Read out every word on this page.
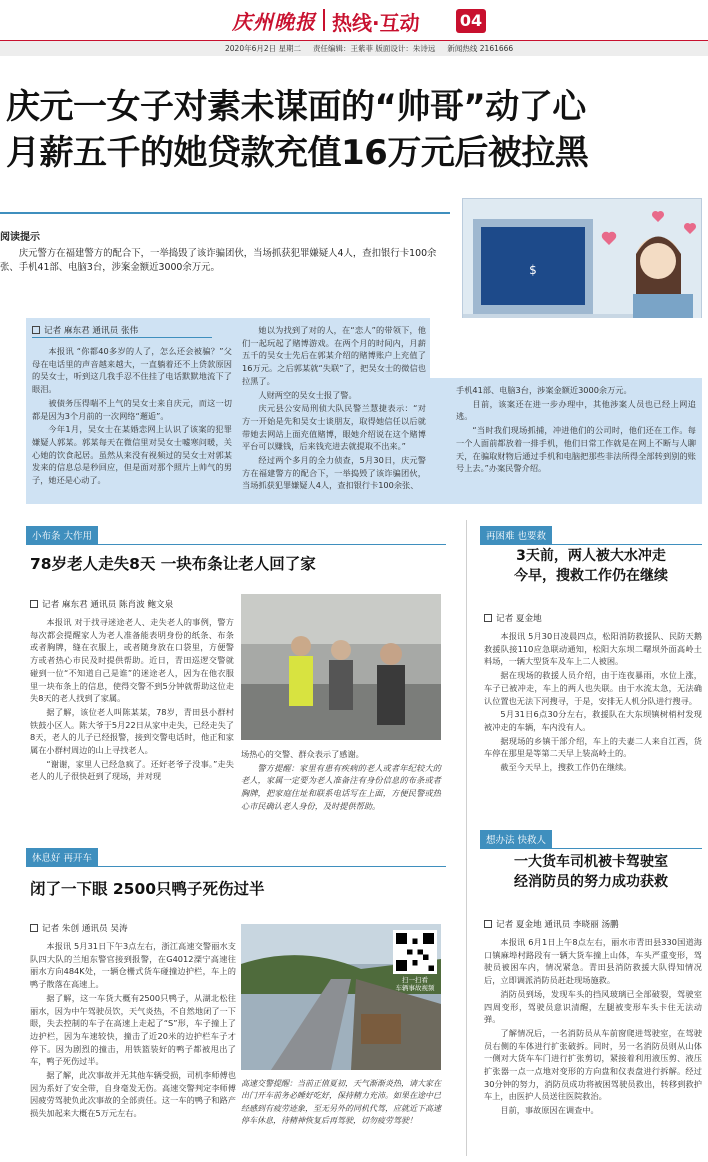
庆州晚报 热线·互动	04
2020年6月2日 星期二 责任编辑：王紫菲 版面设计：朱诗远 新闻热线 2161666
庆元一女子对素未谋面的“帅哥”动了心
月薪五千的她贷款充值16万元后被拉黑
阅读提示
庆元警方在福建警方的配合下，一举捣毁了该诈骗团伙，当场抓获犯罪嫌疑人4人，查扣银行卡100余张、手机41部、电脑3台，涉案金额近3000余万元。	$
记者 麻东君 通讯员 张伟

本报讯 “你都40多岁的人了，怎么还会被骗？”父母在电话里的声音越来越大，一直躺着还不上贷款原因的吴女士，听到这几我手忍不住挂了电话默默地流下了眼泪。

被债务压得喘不上气的吴女士来自庆元，而这一切都是因为3个月前的一次网络“邂逅”。

今年1月，吴女士在某婚恋网上认识了该案的犯罪嫌疑人郭某。郭某每天在微信里对吴女士嘘寒问暖，关心她的饮食起居。虽然从来没有视频过的吴女士对郭某发来的信息总是秒回应，但是面对那个照片上帅气的男子，她还是心动了。

她以为找到了对的人，在“恋人”的带领下，他们一起玩起了赌博游戏。在两个月的时间内，月薪五千的吴女士先后在郭某介绍的赌博账户上充值了16万元。之后郭某就“失联”了，把吴女士的微信也拉黑了。

人财两空的吴女士报了警。

庆元县公安局刑侦大队民警兰慧捷表示：“对方一开始是先和吴女士谈朋友，取得她信任以后就带她去网站上面充值赌博，眼她介绍说在这个赌博平台可以赚钱，后来钱充进去就提取不出来。”

经过两个多月的全力侦查，5月30日，庆元警方在福建警方的配合下，一举捣毁了该诈骗团伙，当场抓获犯罪嫌疑人4人，查扣银行卡100余张、

手机41部、电脑3台，涉案金额近3000余万元。

目前，该案还在进一步办理中，其他涉案人员也已经上网追逃。

“当时我们现场抓捕，冲进他们的公司时，他们还在工作。每一个人面前都放着一排手机，他们日常工作就是在网上不断与人聊天，在骗取财物后通过手机和电脑把那些非法所得全部转到别的账号上去。”办案民警介绍。

小布条 大作用
78岁老人走失8天 一块布条让老人回了家
记者 麻东君 通讯员 陈肖波 鲍文泉

本报讯 对于找寻迷途老人、走失老人的事例，警方每次都会提醒家人为老人准备能表明身份的纸条、布条或者胸牌，缝在衣服上，或者随身放在口袋里，方便警方或者热心市民及时提供帮助。近日，青田巡逻交警就碰到一位“不知道自己是谁”的迷途老人，因为在他衣服里一块布条上的信息，使得交警不到5分钟就帮助这位走失8天的老人找到了家属。

据了解，该位老人叫陈某某，78岁，青田县小群村铁鼓小区人。陈大爷于5月22日从家中走失，已经走失了8天，老人的儿子已经报警，接到交警电话时，他正和家属在小群村周边的山上寻找老人。

“谢谢，家里人已经急疯了。还好老爷子没事。”走失老人的儿子很快赶到了现场，并对现

场热心的交警、群众表示了感谢。

警方提醒：家里有患有疾病的老人或者年纪较大的老人，家属一定要为老人准备注有身份信息的布条或者胸牌，把家庭住址和联系电话写在上面，方便民警或热心市民确认老人身份，及时提供帮助。

再困难 也要救
3天前，两人被大水冲走
今早，搜救工作仍在继续
记者 夏金地

本报讯 5月30日凌晨四点，松阳消防救援队、民防天鹅救援队接110应急联动通知，松阳大东坝二曙坝外面高岭土料场，一辆大型货车及车上二人被困。

据在现场的救援人员介绍，由于连夜暴雨，水位上涨，车子已被冲走，车上的两人也失联。由于水流太急，无法确认位置也无法下河搜寻，于是，安排无人机分队进行搜寻。

5月31日6点30分左右，救援队在大东坝镇树梢村发现被冲走的车辆，车内没有人。

据现场的乡镇干部介绍，车上的夫妻二人来自江西，货车停在那里是等第二天早上装高岭土的。

截至今天早上，搜救工作仍在继续。

休息好 再开车
闭了一下眼 2500只鸭子死伤过半
记者 朱创 通讯员 吴涛

本报讯 5月31日下午3点左右，浙江高速交警丽水支队四大队的兰旭东警官接到报警，在G4012溧宁高速往丽水方向484K处，一辆仓栅式货车碰撞边护栏，车上的鸭子散落在高速上。

据了解，这一车货大概有2500只鸭子，从湖北松往丽水，因为中午驾驶员饮，天气炎热，不自然地闭了一下眼，失去控制的车子在高速上走起了“S”形，车子撞上了边护栏，因为车速较快，撞击了近20米的边护栏车子才停下。因为剧烈的撞击，用铁篮装好的鸭子都被甩出了车，鸭子死伤过半。

据了解，此次事故并无其他车辆受损，司机李师傅也因为系好了安全带，自身毫发无伤。高速交警判定李师傅因疲劳驾驶负此次事故的全部责任。这一车的鸭子和路产损失加起来大概在5万元左右。

扫一扫看
车辆事故视频
高速交警提醒：当前正值夏初，天气渐渐炎热，请大家在出门开车前务必睡好吃好，保持精力充沛。如果在途中已经感到有疲劳迹象，至无另外的同机代驾，应就近下高速停车休息，待精神恢复后再驾驶，切勿疲劳驾驶！
想办法 快救人
一大货车司机被卡驾驶室
经消防员的努力成功获救
记者 夏金地 通讯员 李晓丽 汤鹏

本报讯 6月1日上午8点左右，丽水市青田县330国道海口镇麻埠村路段有一辆大货车撞上山体，车头严重变形，驾驶员被困车内，情况紧急。青田县消防救援大队得知情况后，立即调派消防员赶赴现场施救。

消防员到场，发现车头的挡风玻璃已全部破裂，驾驶室四周变形，驾驶员意识清醒，左腿被变形车头卡住无法动弹。

了解情况后，一名消防员从车前窗爬进驾驶室，在驾驶员右侧的车体进行扩张破拆。同时，另一名消防员则从山体一侧对大货车车门进行扩张剪切，紧接着利用液压剪、液压扩张器一点一点地对变形的方向盘和仪表盘进行拆解。经过30分钟的努力，消防员成功将被困驾驶员救出，转移到救护车上，由医护人员送往医院救治。

目前，事故原因在调查中。
